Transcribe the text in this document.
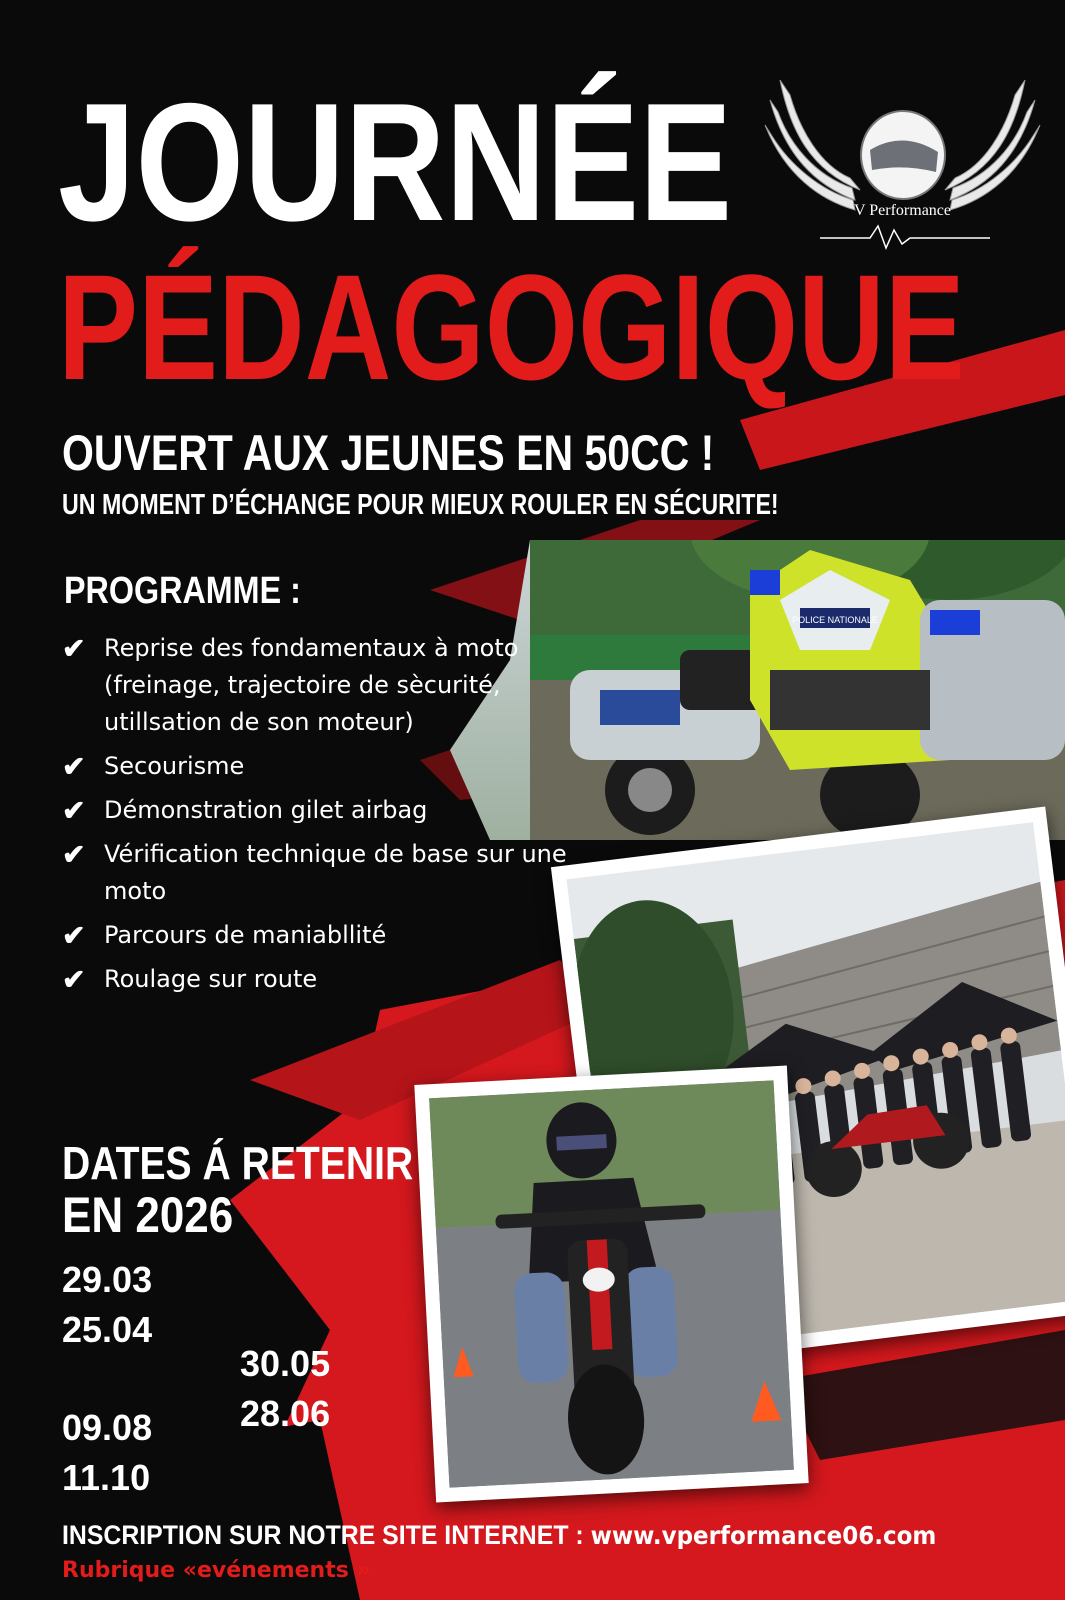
POLICE NATIONALE
V Performance
JOURNÉE
PÉDAGOGIQUE
OUVERT AUX JEUNES EN 50CC !
UN MOMENT D’ÉCHANGE POUR MIEUX ROULER EN SÉCURITE!
PROGRAMME :
✔ Reprise des fondamentaux à moto (freinage, trajectoire de sècurité, utillsation de son moteur)
✔ Secourisme
✔ Démonstration gilet airbag
✔ Vérification technique de base sur une moto
✔ Parcours de maniabllité
✔ Roulage sur route
DATES Á RETENIR
EN 2026
29.03
25.04
30.05
28.06
09.08
11.10
INSCRIPTION SUR NOTRE SITE INTERNET : www.vperformance06.com
Rubrique «evénements »
